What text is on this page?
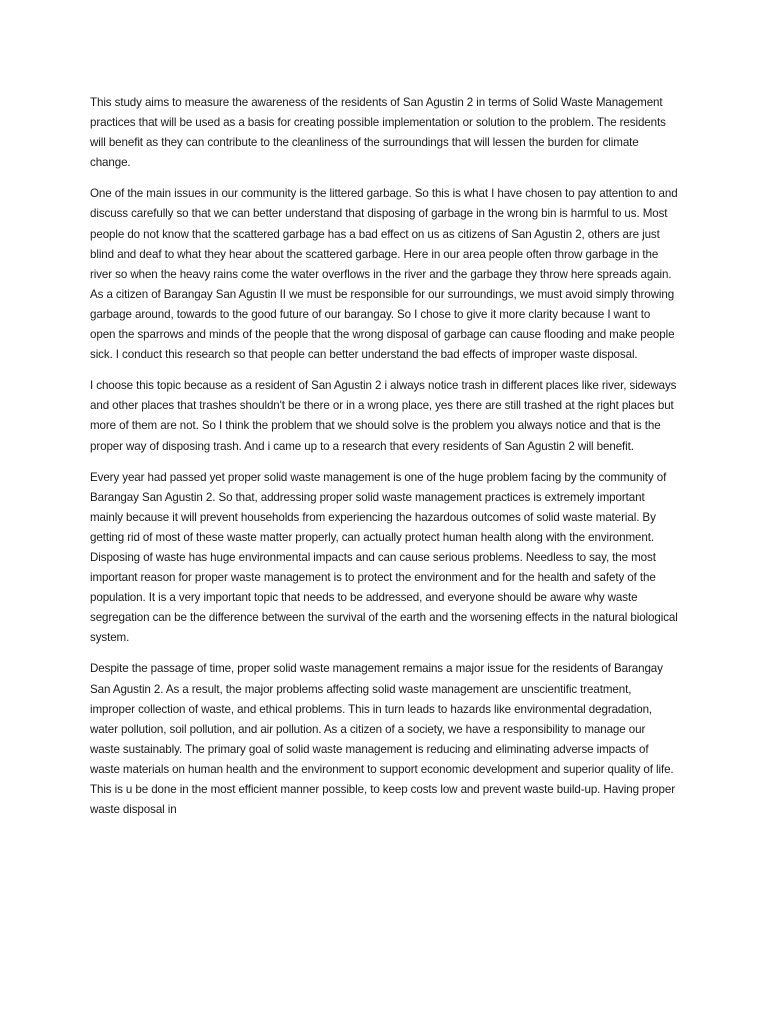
This study aims to measure the awareness of the residents of San Agustin 2 in terms of Solid Waste Management practices that will be used as a basis for creating possible implementation or solution to the problem. The residents will benefit as they can contribute to the cleanliness of the surroundings that will lessen the burden for climate change.

One of the main issues in our community is the littered garbage. So this is what I have chosen to pay attention to and discuss carefully so that we can better understand that disposing of garbage in the wrong bin is harmful to us. Most people do not know that the scattered garbage has a bad effect on us as citizens of San Agustin 2, others are just blind and deaf to what they hear about the scattered garbage. Here in our area people often throw garbage in the river so when the heavy rains come the water overflows in the river and the garbage they throw here spreads again. As a citizen of Barangay San Agustin II we must be responsible for our surroundings, we must avoid simply throwing garbage around, towards to the good future of our barangay. So I chose to give it more clarity because I want to open the sparrows and minds of the people that the wrong disposal of garbage can cause flooding and make people sick. I conduct this research so that people can better understand the bad effects of improper waste disposal.

I choose this topic because as a resident of San Agustin 2 i always notice trash in different places like river, sideways and other places that trashes shouldn't be there or in a wrong place, yes there are still trashed at the right places but more of them are not. So I think the problem that we should solve is the problem you always notice and that is the proper way of disposing trash. And i came up to a research that every residents of San Agustin 2 will benefit.

Every year had passed yet proper solid waste management is one of the huge problem facing by the community of Barangay San Agustin 2. So that, addressing proper solid waste management practices is extremely important mainly because it will prevent households from experiencing the hazardous outcomes of solid waste material. By getting rid of most of these waste matter properly, can actually protect human health along with the environment. Disposing of waste has huge environmental impacts and can cause serious problems. Needless to say, the most important reason for proper waste management is to protect the environment and for the health and safety of the population. It is a very important topic that needs to be addressed, and everyone should be aware why waste segregation can be the difference between the survival of the earth and the worsening effects in the natural biological system.

Despite the passage of time, proper solid waste management remains a major issue for the residents of Barangay San Agustin 2. As a result, the major problems affecting solid waste management are unscientific treatment, improper collection of waste, and ethical problems. This in turn leads to hazards like environmental degradation, water pollution, soil pollution, and air pollution. As a citizen of a society, we have a responsibility to manage our waste sustainably. The primary goal of solid waste management is reducing and eliminating adverse impacts of waste materials on human health and the environment to support economic development and superior quality of life. This is u be done in the most efficient manner possible, to keep costs low and prevent waste build-up. Having proper waste disposal in
